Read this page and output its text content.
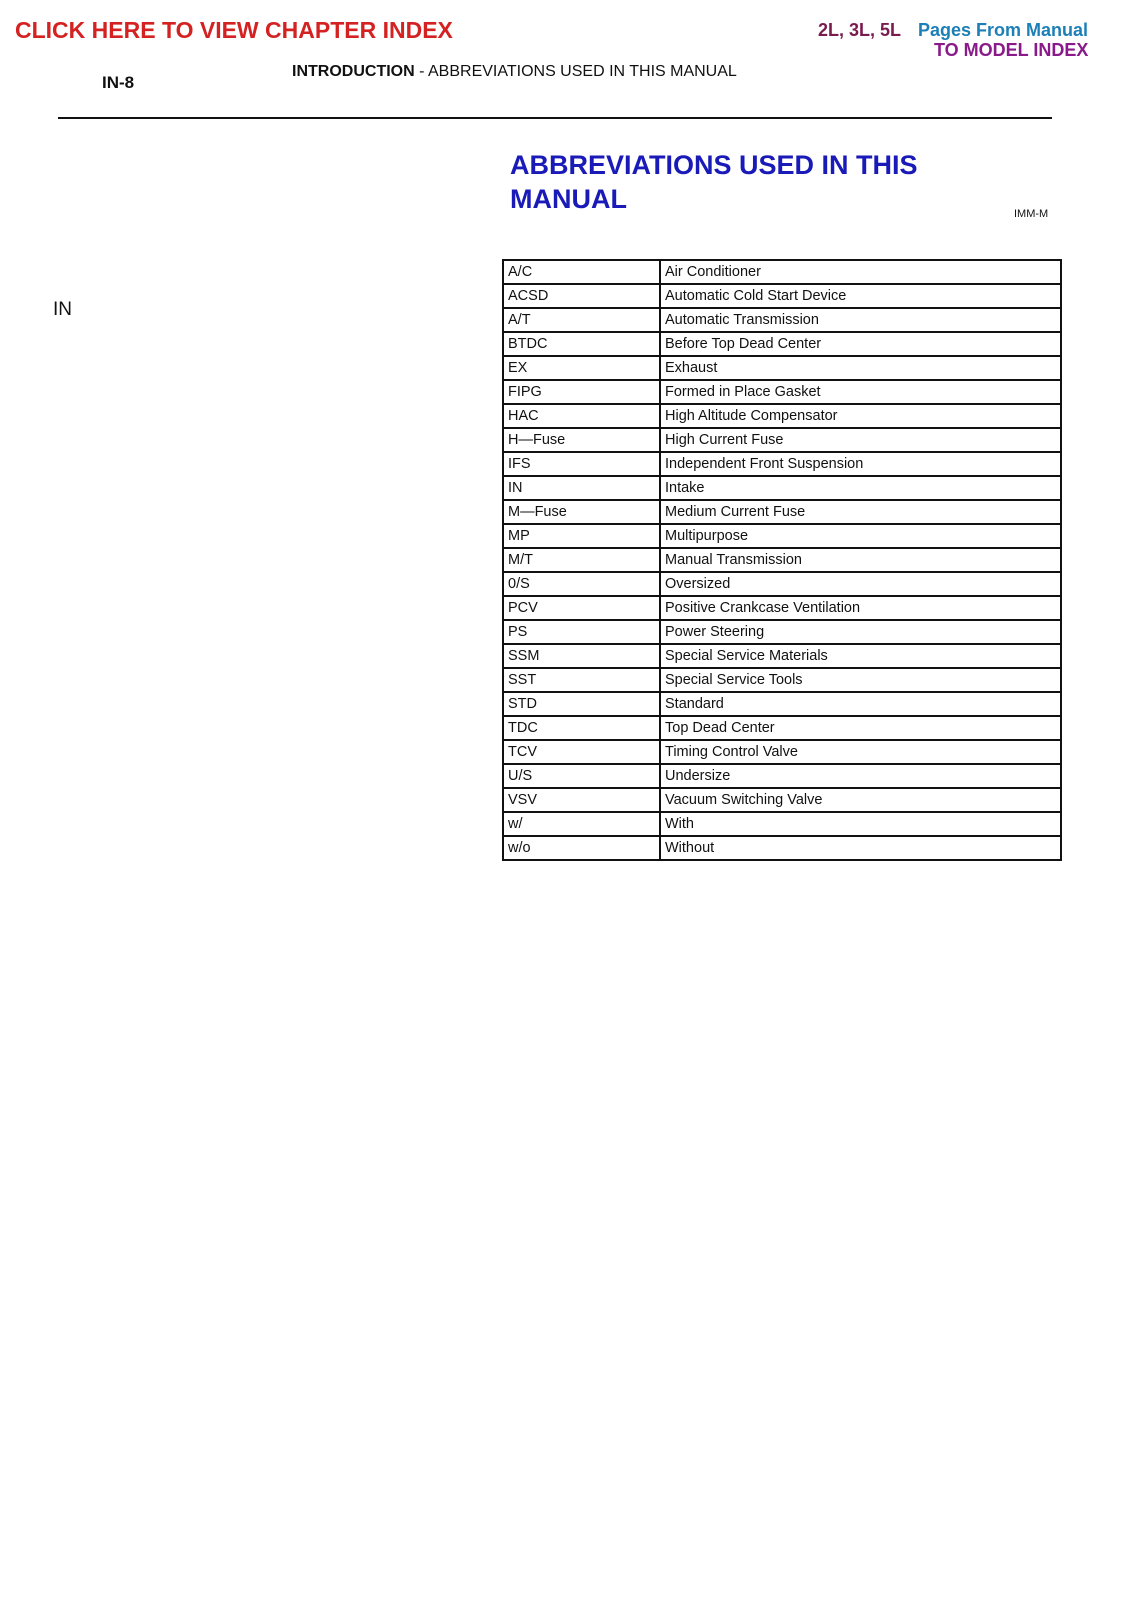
CLICK HERE TO VIEW CHAPTER INDEX	2L, 3L, 5L Pages From Manual
TO MODEL INDEX
IN-8
INTRODUCTION - ABBREVIATIONS USED IN THIS MANUAL
IN
ABBREVIATIONS USED IN THIS MANUAL	IMM-M
A/C	Air Conditioner
ACSD	Automatic Cold Start Device
A/T	Automatic Transmission
BTDC	Before Top Dead Center
EX	Exhaust
FIPG	Formed in Place Gasket
HAC	High Altitude Compensator
H—Fuse	High Current Fuse
IFS	Independent Front Suspension
IN	Intake
M—Fuse	Medium Current Fuse
MP	Multipurpose
M/T	Manual Transmission
0/S	Oversized
PCV	Positive Crankcase Ventilation
PS	Power Steering
SSM	Special Service Materials
SST	Special Service Tools
STD	Standard
TDC	Top Dead Center
TCV	Timing Control Valve
U/S	Undersize
VSV	Vacuum Switching Valve
w/	With
w/o	Without
